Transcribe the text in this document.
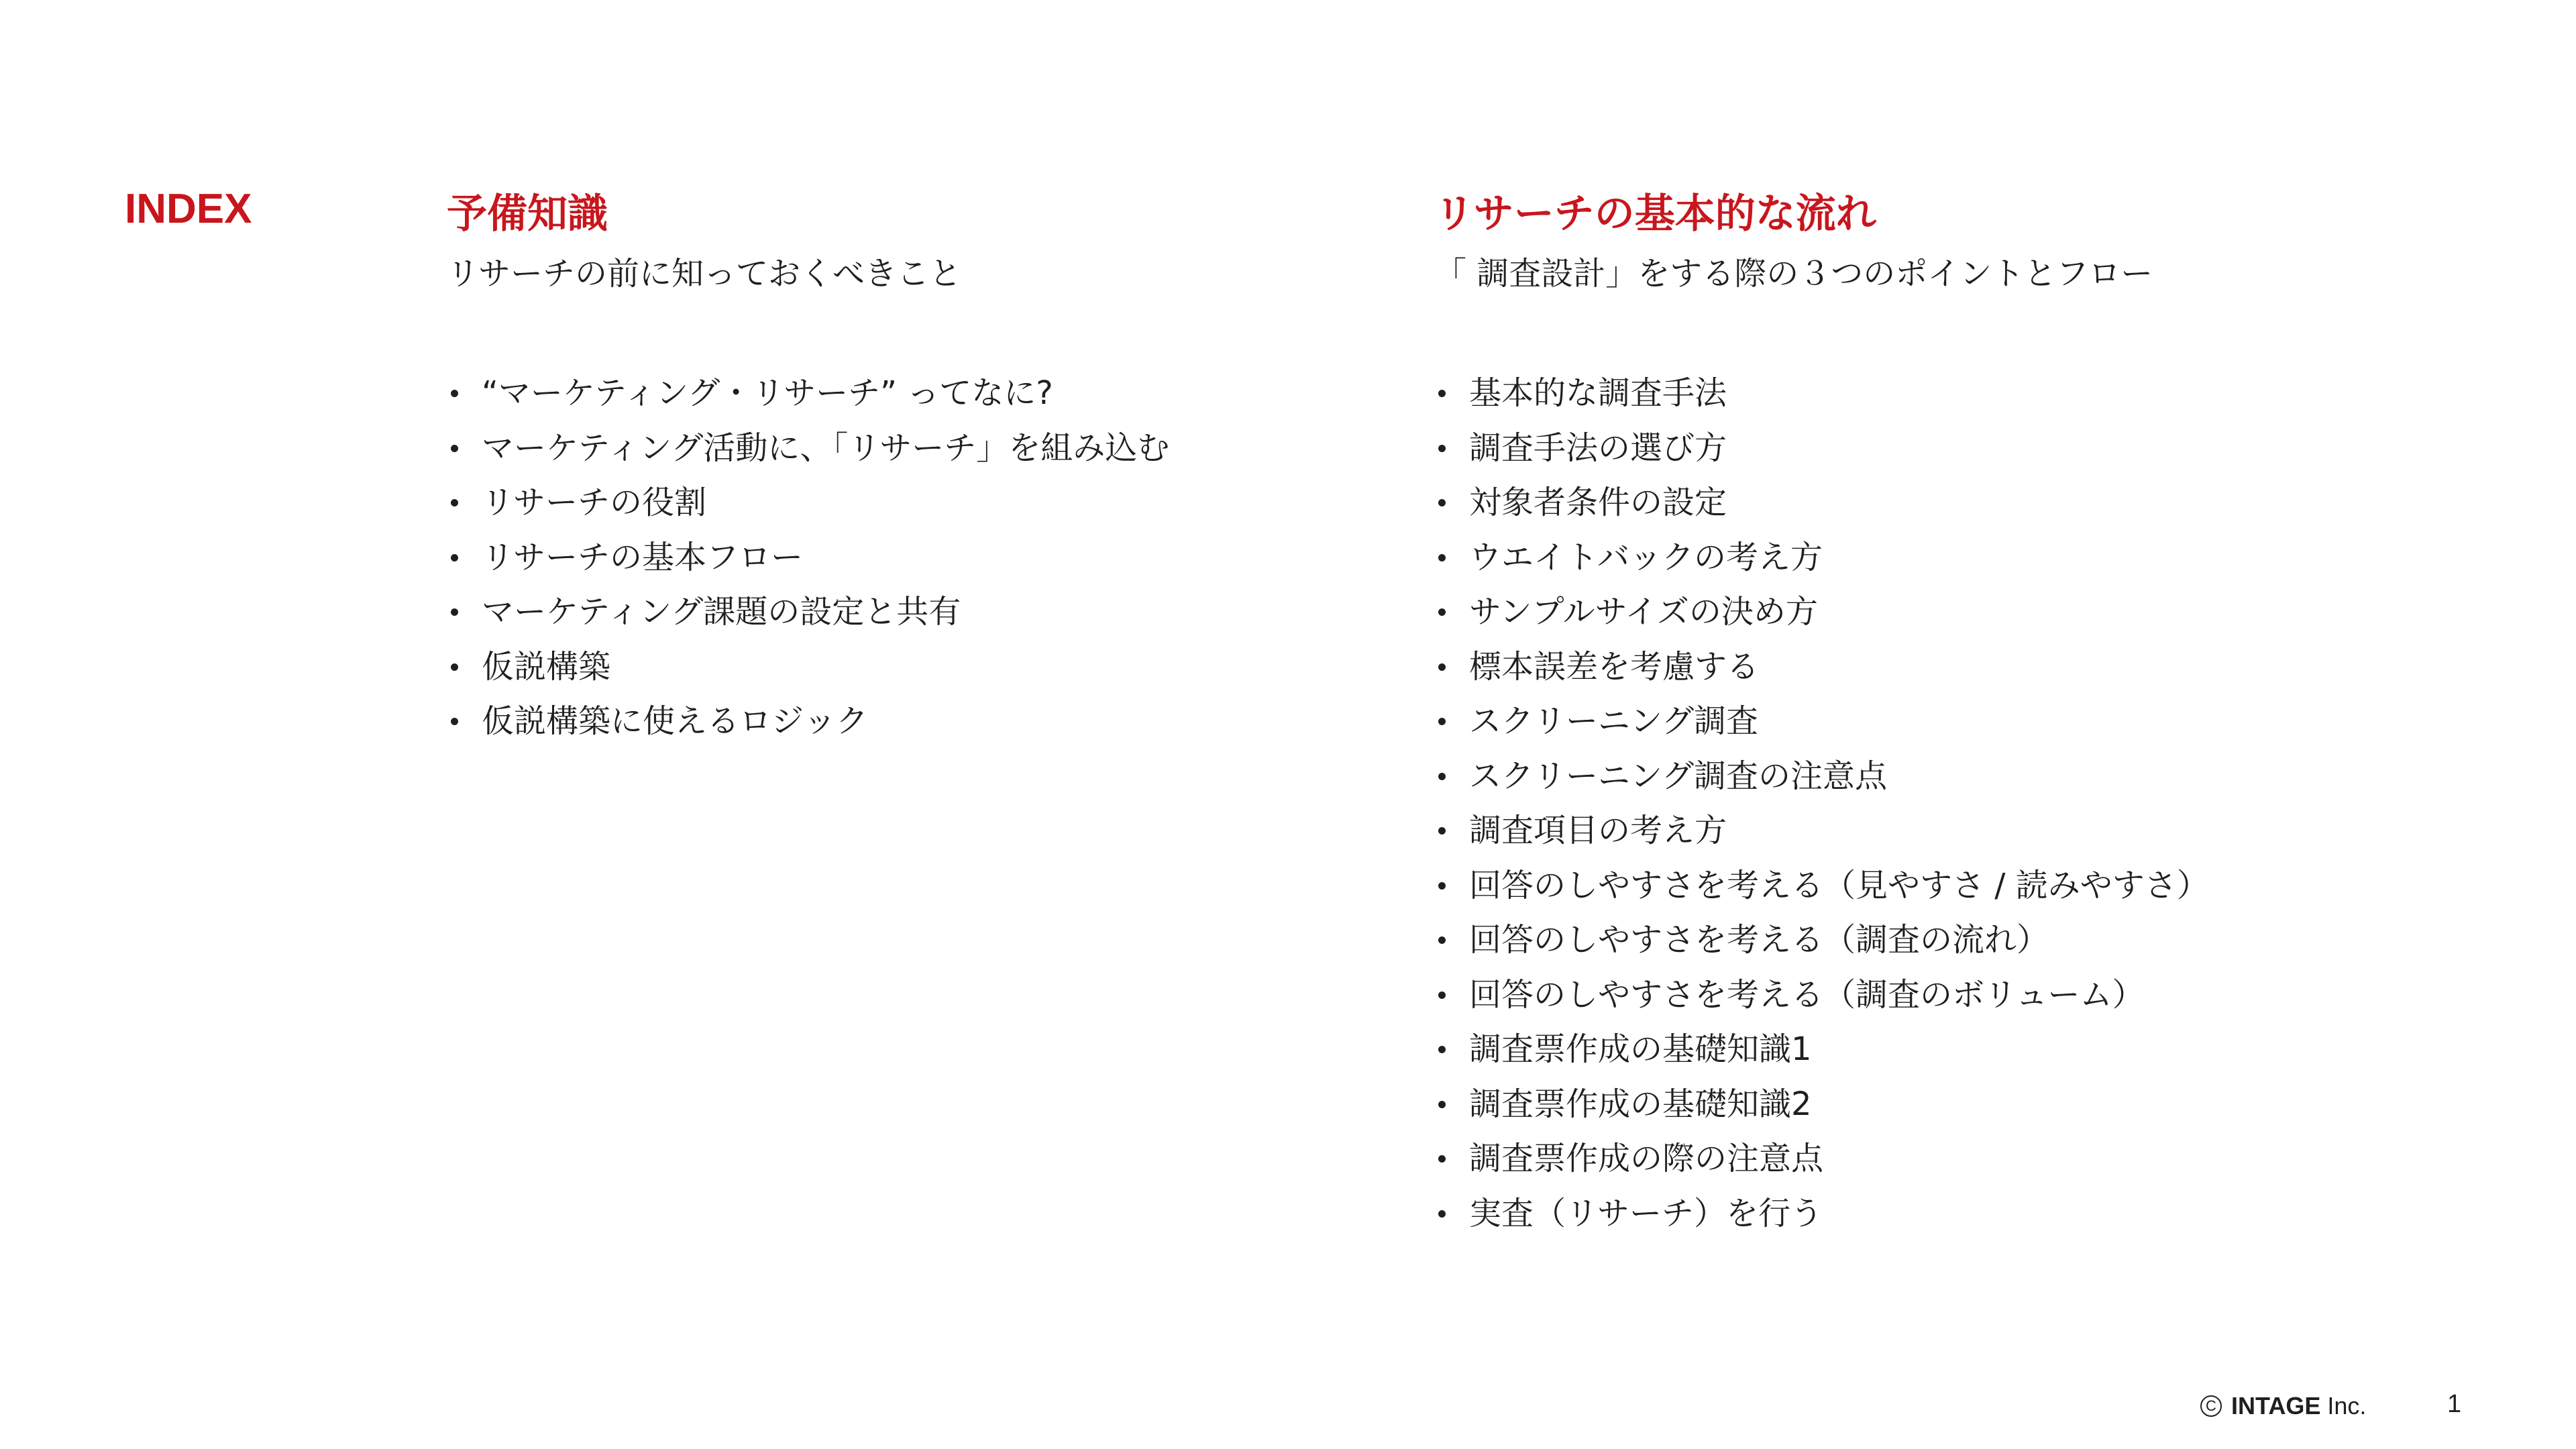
INDEX	予備知識
リサーチの前に知っておくべきこと
“マーケティング・リサーチ” ってなに?
マーケティング活動に、「リサーチ」を組み込む
リサーチの役割
リサーチの基本フロー
マーケティング課題の設定と共有
仮説構築
仮説構築に使えるロジック
リサーチの基本的な流れ
「 調査設計」をする際の３つのポイントとフロー
基本的な調査手法
調査手法の選び方
対象者条件の設定
ウエイトバックの考え方
サンプルサイズの決め方
標本誤差を考慮する
スクリーニング調査
スクリーニング調査の注意点
調査項目の考え方
回答のしやすさを考える（見やすさ / 読みやすさ）
回答のしやすさを考える（調査の流れ）
回答のしやすさを考える（調査のボリューム）
調査票作成の基礎知識1
調査票作成の基礎知識2
調査票作成の際の注意点
実査（リサーチ）を行う
C INTAGE Inc.	1
